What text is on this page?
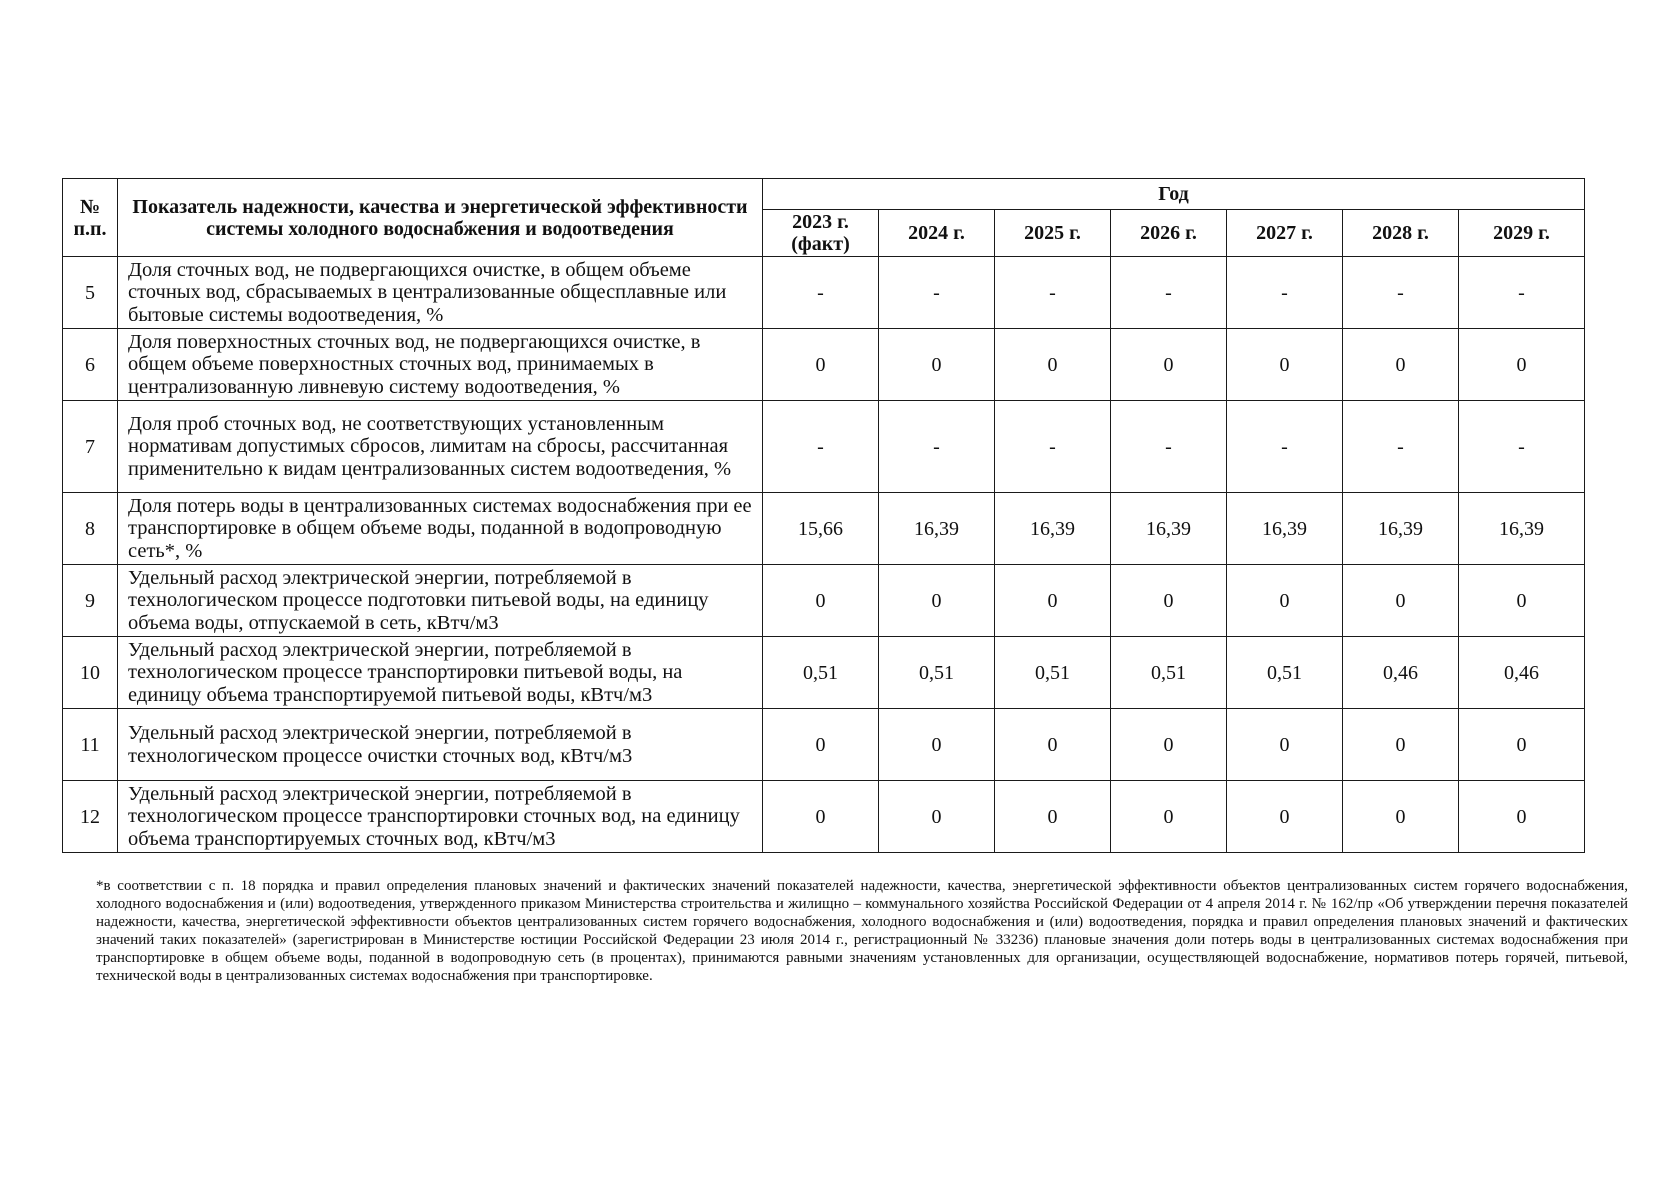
№ п.п.	Показатель надежности, качества и энергетической эффективности системы холодного водоснабжения и водоотведения	Год						
		2023 г. (факт)	2024 г.	2025 г.	2026 г.	2027 г.	2028 г.	2029 г.
5	Доля сточных вод, не подвергающихся очистке, в общем объеме сточных вод, сбрасываемых в централизованные общесплавные или бытовые системы водоотведения, %	-	-	-	-	-	-	-
6	Доля поверхностных сточных вод, не подвергающихся очистке, в общем объеме поверхностных сточных вод, принимаемых в централизованную ливневую систему водоотведения, %	0	0	0	0	0	0	0
7	Доля проб сточных вод, не соответствующих установленным нормативам допустимых сбросов, лимитам на сбросы, рассчитанная применительно к видам централизованных систем водоотведения, %	-	-	-	-	-	-	-
8	Доля потерь воды в централизованных системах водоснабжения при ее транспортировке в общем объеме воды, поданной в водопроводную сеть*, %	15,66	16,39	16,39	16,39	16,39	16,39	16,39
9	Удельный расход электрической энергии, потребляемой в технологическом процессе подготовки питьевой воды, на единицу объема воды, отпускаемой в сеть, кВтч/м3	0	0	0	0	0	0	0
10	Удельный расход электрической энергии, потребляемой в технологическом процессе транспортировки питьевой воды, на единицу объема транспортируемой питьевой воды, кВтч/м3	0,51	0,51	0,51	0,51	0,51	0,46	0,46
11	Удельный расход электрической энергии, потребляемой в технологическом процессе очистки сточных вод, кВтч/м3	0	0	0	0	0	0	0
12	Удельный расход электрической энергии, потребляемой в технологическом процессе транспортировки сточных вод, на единицу объема транспортируемых сточных вод, кВтч/м3	0	0	0	0	0	0	0

*в соответствии с п. 18 порядка и правил определения плановых значений и фактических значений показателей надежности, качества, энергетической эффективности объектов централизованных систем горячего водоснабжения, холодного водоснабжения и (или) водоотведения, утвержденного приказом Министерства строительства и жилищно – коммунального хозяйства Российской Федерации от 4 апреля 2014 г. № 162/пр «Об утверждении перечня показателей надежности, качества, энергетической эффективности объектов централизованных систем горячего водоснабжения, холодного водоснабжения и (или) водоотведения, порядка и правил определения плановых значений и фактических значений таких показателей» (зарегистрирован в Министерстве юстиции Российской Федерации 23 июля 2014 г., регистрационный № 33236) плановые значения доли потерь воды в централизованных системах водоснабжения при транспортировке в общем объеме воды, поданной в водопроводную сеть (в процентах), принимаются равными значениям установленных для организации, осуществляющей водоснабжение, нормативов потерь горячей, питьевой, технической воды в централизованных системах водоснабжения при транспортировке.
